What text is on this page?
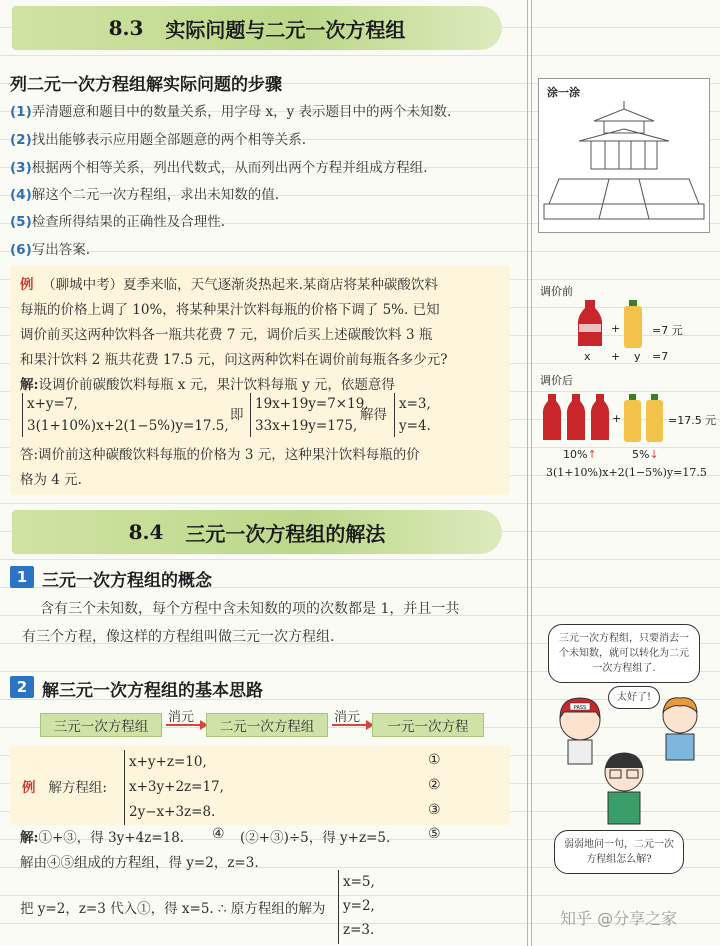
8.3 实际问题与二元一次方程组
列二元一次方程组解实际问题的步骤
(1)弄清题意和题目中的数量关系，用字母 x，y 表示题目中的两个未知数.
(2)找出能够表示应用题全部题意的两个相等关系.
(3)根据两个相等关系，列出代数式，从而列出两个方程并组成方程组.
(4)解这个二元一次方程组，求出未知数的值.
(5)检查所得结果的正确性及合理性.
(6)写出答案.
例 （聊城中考）夏季来临，天气逐渐炎热起来.某商店将某种碳酸饮料
每瓶的价格上调了 10%，将某种果汁饮料每瓶的价格下调了 5%. 已知
调价前买这两种饮料各一瓶共花费 7 元，调价后买上述碳酸饮料 3 瓶
和果汁饮料 2 瓶共花费 17.5 元，问这两种饮料在调价前每瓶各多少元?
解:设调价前碳酸饮料每瓶 x 元，果汁饮料每瓶 y 元，依题意得
x+y=7,
3(1+10%)x+2(1−5%)y=17.5,
即
19x+19y=7×19,
33x+19y=175,
解得
x=3,
y=4.
答:调价前这种碳酸饮料每瓶的价格为 3 元，这种果汁饮料每瓶的价
格为 4 元.
涂一涂
调价前
+	=7 元
x + y =7
调价后
+	=17.5 元
10%↑	5%↓
3(1+10%)x+2(1−5%)y=17.5
8.4 三元一次方程组的解法
1 三元一次方程组的概念
含有三个未知数，每个方程中含未知数的项的次数都是 1，并且一共
有三个方程，像这样的方程组叫做三元一次方程组.
2 解三元一次方程组的基本思路
三元一次方程组
消元
二元一次方程组
消元
一元一次方程
例 解方程组:
x+y+z=10,
x+3y+2z=17,
2y−x+3z=8.
①
②
③
解:①+③，得 3y+4z=18. ④ (②+③)÷5，得 y+z=5.	⑤
解由④⑤组成的方程组，得 y=2，z=3.
把 y=2，z=3 代入①，得 x=5. ∴ 原方程组的解为
x=5,
y=2,
z=3.
三元一次方程组，只要消去一个未知数，就可以转化为二元一次方程组了.
太好了!
PASS
弱弱地问一句，二元一次方程组怎么解?
知乎 @分享之家
